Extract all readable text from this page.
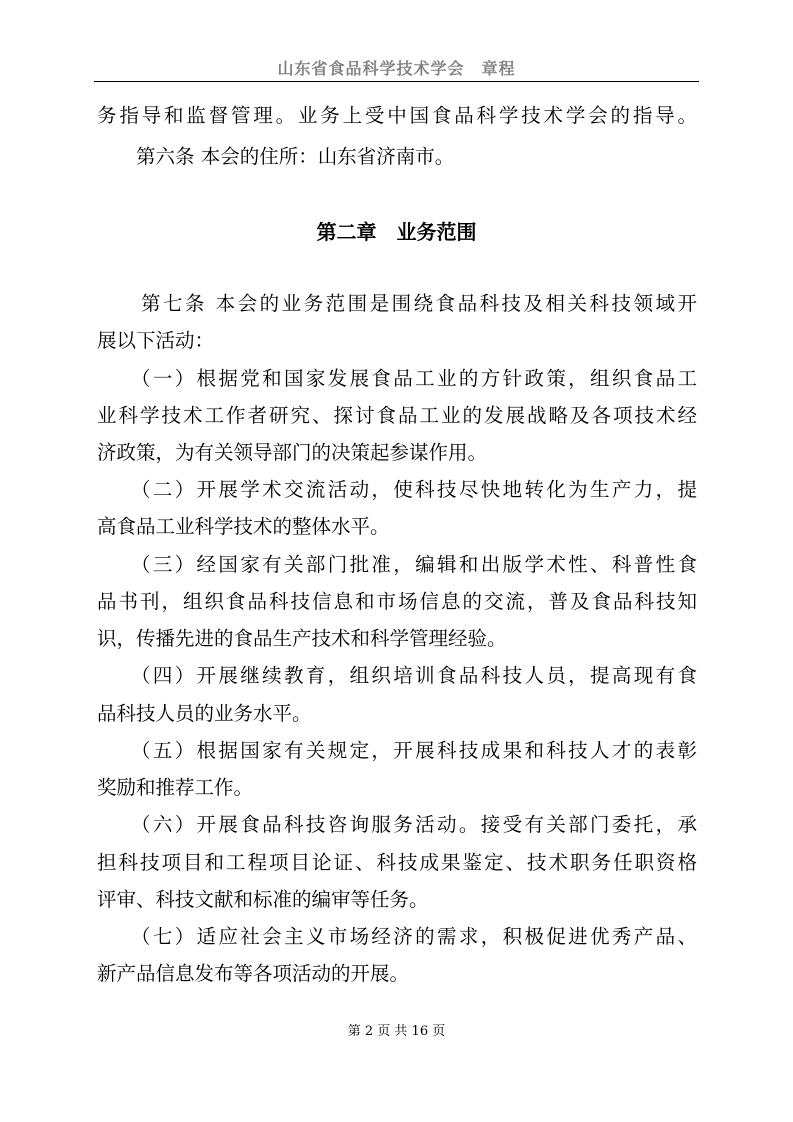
山东省食品科学技术学会　章程
务指导和监督管理。业务上受中国食品科学技术学会的指导。
　　第六条 本会的住所：山东省济南市。
第二章　业务范围
　　第七条 本会的业务范围是围绕食品科技及相关科技领域开
展以下活动：
　　（一）根据党和国家发展食品工业的方针政策，组织食品工
业科学技术工作者研究、探讨食品工业的发展战略及各项技术经
济政策，为有关领导部门的决策起参谋作用。
　　（二）开展学术交流活动，使科技尽快地转化为生产力，提
高食品工业科学技术的整体水平。
　　（三）经国家有关部门批准，编辑和出版学术性、科普性食
品书刊，组织食品科技信息和市场信息的交流，普及食品科技知
识，传播先进的食品生产技术和科学管理经验。
　　（四）开展继续教育，组织培训食品科技人员，提高现有食
品科技人员的业务水平。
　　（五）根据国家有关规定，开展科技成果和科技人才的表彰
奖励和推荐工作。
　　（六）开展食品科技咨询服务活动。接受有关部门委托，承
担科技项目和工程项目论证、科技成果鉴定、技术职务任职资格
评审、科技文献和标准的编审等任务。
　　（七）适应社会主义市场经济的需求，积极促进优秀产品、
新产品信息发布等各项活动的开展。
第 2 页 共 16 页
